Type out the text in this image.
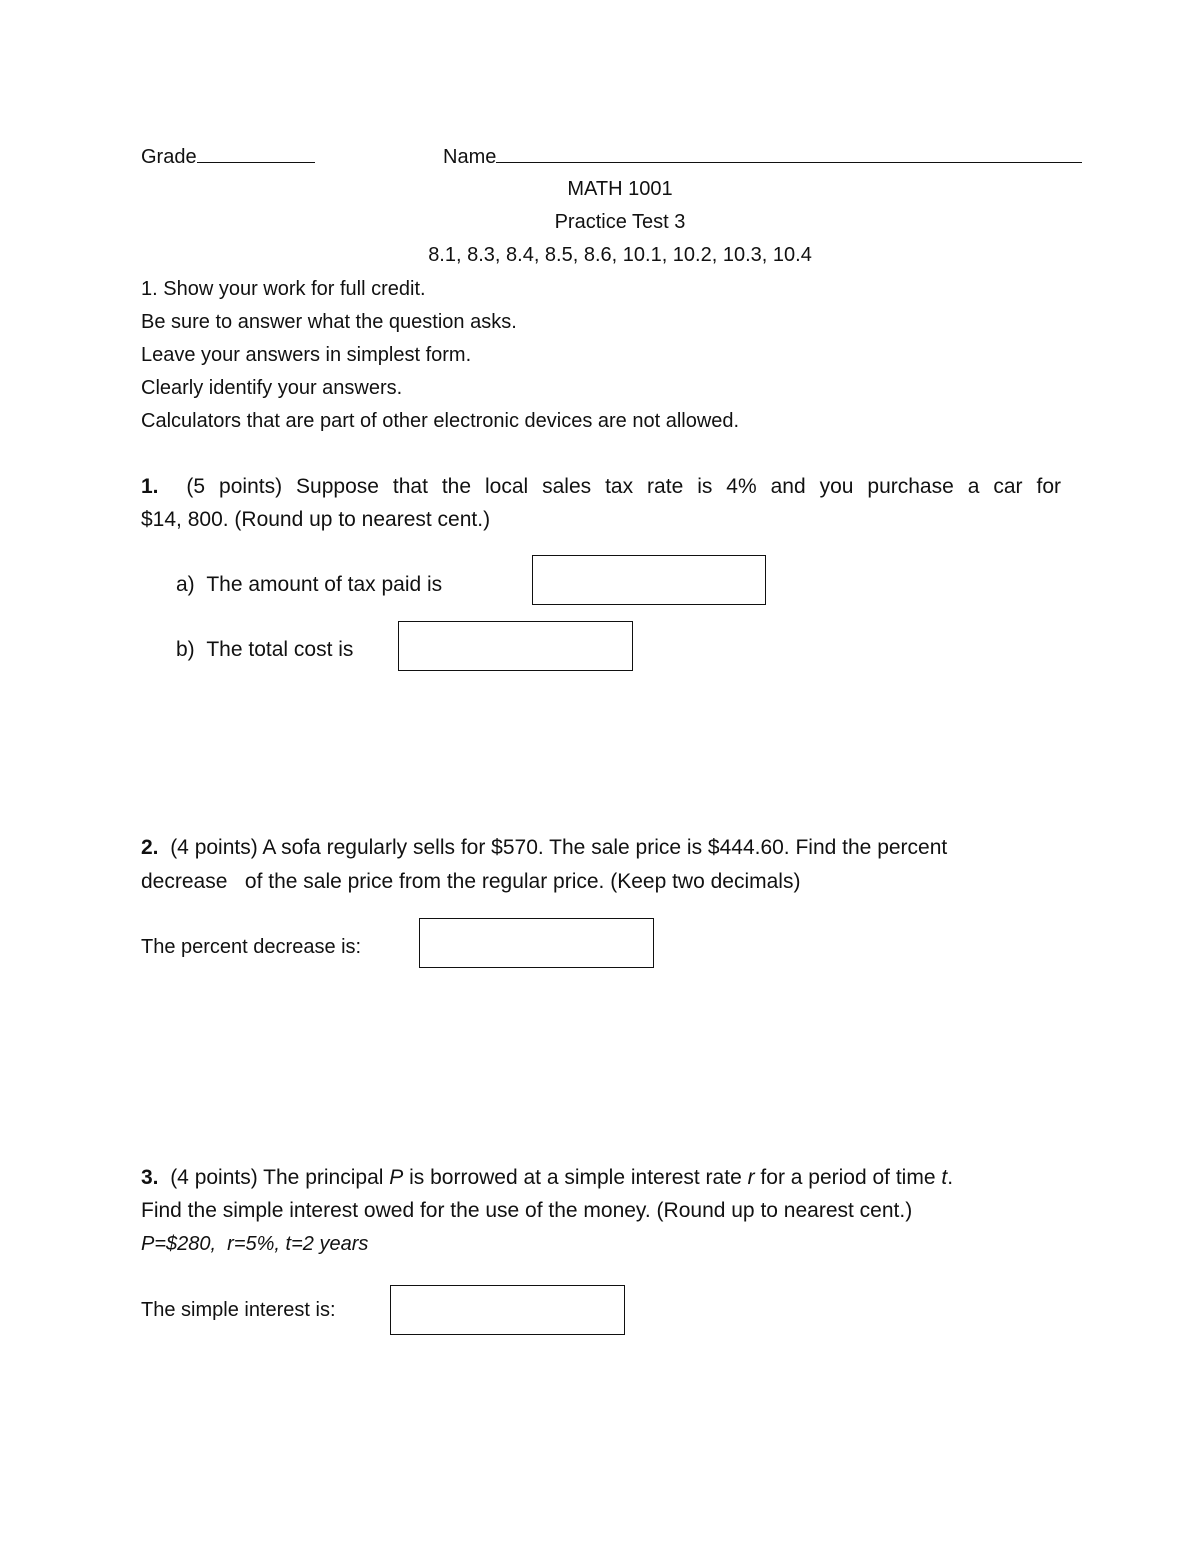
Grade	Name
MATH 1001
Practice Test 3
8.1, 8.3, 8.4, 8.5, 8.6, 10.1, 10.2, 10.3, 10.4
1. Show your work for full credit.
Be sure to answer what the question asks.
Leave your answers in simplest form.
Clearly identify your answers.
Calculators that are part of other electronic devices are not allowed.
1. (5 points) Suppose that the local sales tax rate is 4% and you purchase a car for
$14, 800. (Round up to nearest cent.)
a) The amount of tax paid is
b) The total cost is
2. (4 points) A sofa regularly sells for $570. The sale price is $444.60. Find the percent
decrease   of the sale price from the regular price. (Keep two decimals)
The percent decrease is:
3. (4 points) The principal P is borrowed at a simple interest rate r for a period of time t.
Find the simple interest owed for the use of the money. (Round up to nearest cent.)
P=$280,  r=5%, t=2 years
The simple interest is:
